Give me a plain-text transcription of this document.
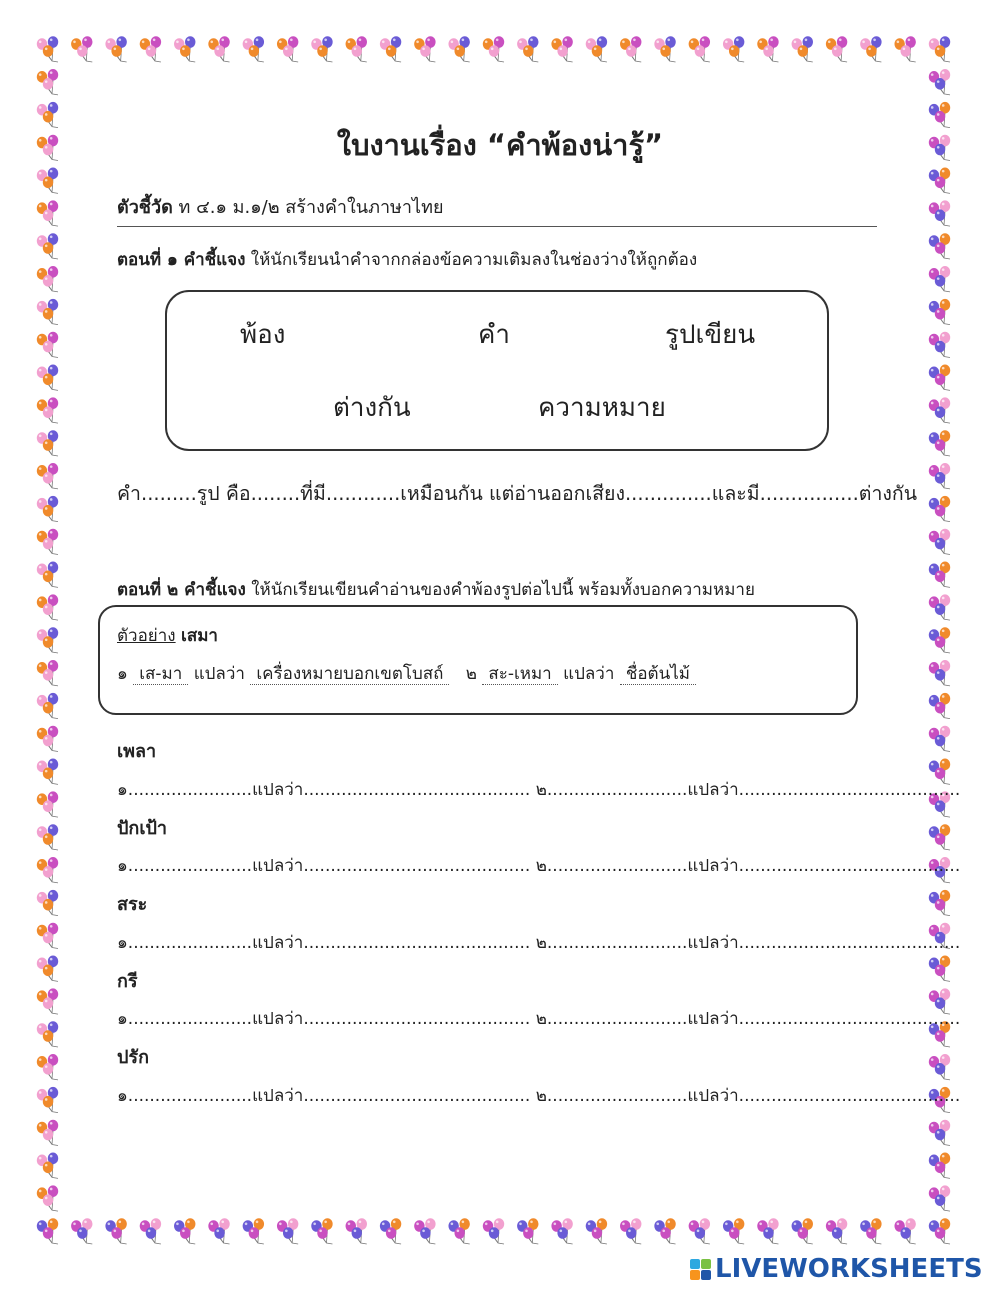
ใบงานเรื่อง “คำพ้องน่ารู้”
ตัวชี้วัด ท ๔.๑ ม.๑/๒ สร้างคำในภาษาไทย
ตอนที่ ๑ คำชี้แจง ให้นักเรียนนำคำจากกล่องข้อความเติมลงในช่องว่างให้ถูกต้อง
พ้อง	คำ	รูปเขียน
ต่างกัน	ความหมาย
คำ.........รูป คือ........ที่มี............เหมือนกัน แต่อ่านออกเสียง..............และมี................ต่างกัน
ตอนที่ ๒ คำชี้แจง ให้นักเรียนเขียนคำอ่านของคำพ้องรูปต่อไปนี้ พร้อมทั้งบอกความหมาย
ตัวอย่าง เสมา
๑ เส-มา แปลว่า เครื่องหมายบอกเขตโบสถ์ ๒ สะ-เหมา แปลว่า ชื่อต้นไม้
เพลา
๑.......................แปลว่า.......................................... ๒..........................แปลว่า.........................................
ปักเป้า
๑.......................แปลว่า.......................................... ๒..........................แปลว่า.........................................
สระ
๑.......................แปลว่า.......................................... ๒..........................แปลว่า.........................................
กรี
๑.......................แปลว่า.......................................... ๒..........................แปลว่า.........................................
ปรัก
๑.......................แปลว่า.......................................... ๒..........................แปลว่า.........................................
LIVEWORKSHEETS
